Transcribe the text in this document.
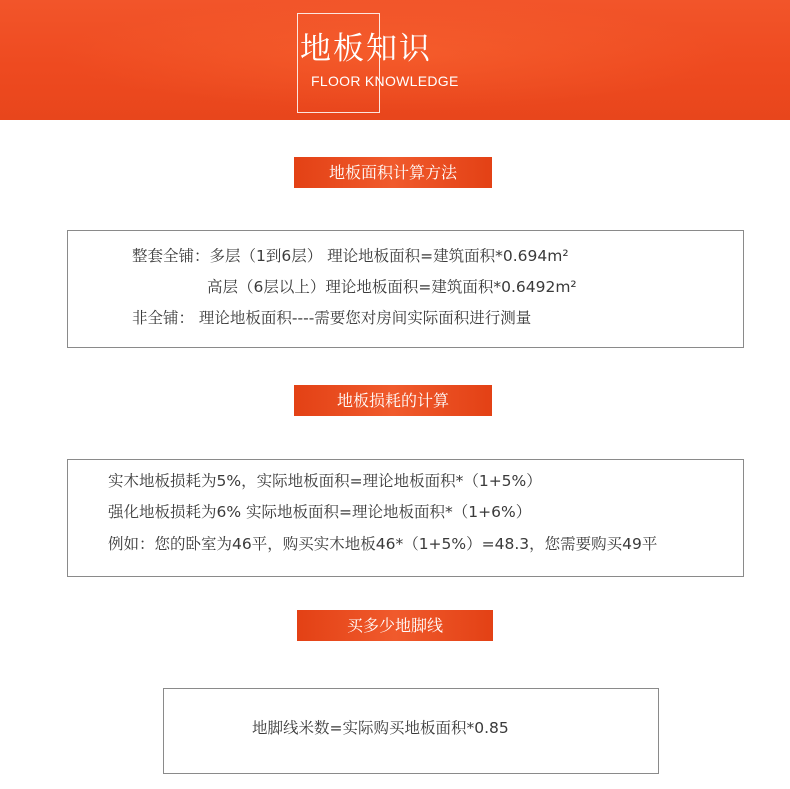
地板知识
FLOOR KNOWLEDGE
地板面积计算方法
整套全铺：多层（1到6层） 理论地板面积=建筑面积*0.694m²
高层（6层以上）理论地板面积=建筑面积*0.6492m²
非全铺： 理论地板面积----需要您对房间实际面积进行测量
地板损耗的计算
实木地板损耗为5%，实际地板面积=理论地板面积*（1+5%）
强化地板损耗为6% 实际地板面积=理论地板面积*（1+6%）
例如：您的卧室为46平，购买实木地板46*（1+5%）=48.3，您需要购买49平
买多少地脚线
地脚线米数=实际购买地板面积*0.85
